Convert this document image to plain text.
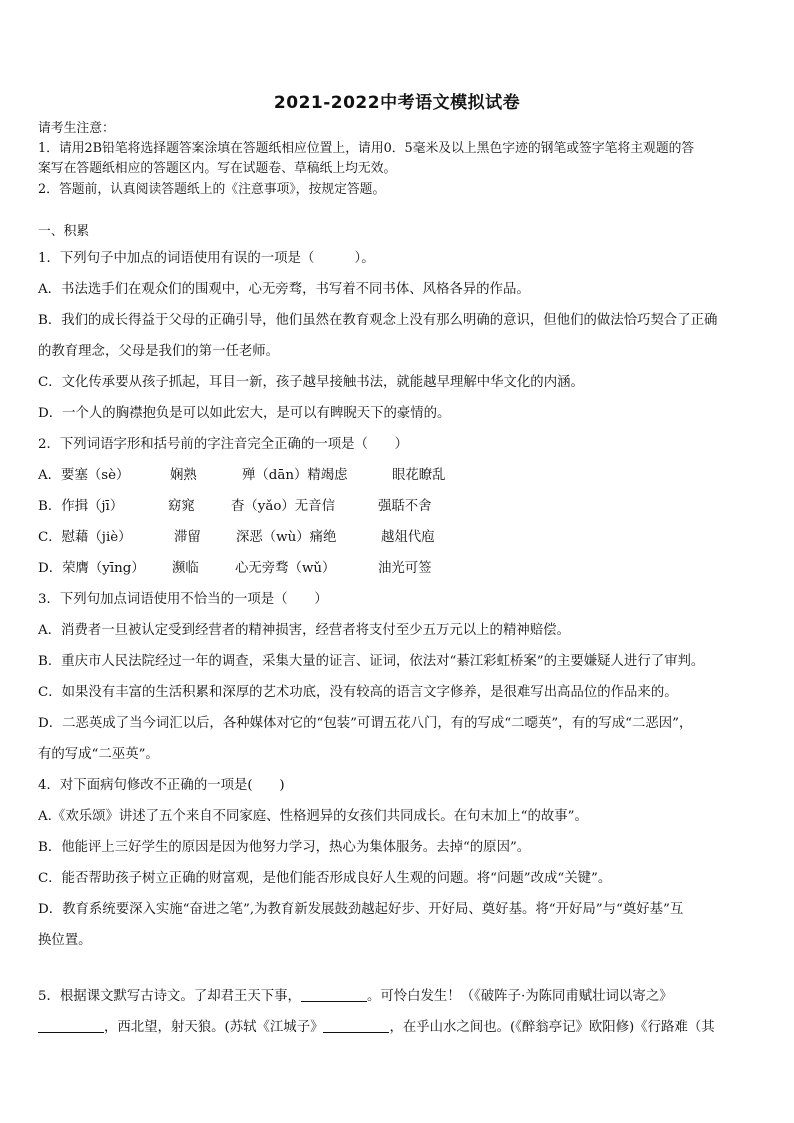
2021-2022中考语文模拟试卷
请考生注意：
1．请用2B铅笔将选择题答案涂填在答题纸相应位置上，请用0．5毫米及以上黑色字迹的钢笔或签字笔将主观题的答
案写在答题纸相应的答题区内。写在试题卷、草稿纸上均无效。
2．答题前，认真阅读答题纸上的《注意事项》，按规定答题。
一、积累
1．下列句子中加点的词语使用有误的一项是（　　　）。
A．书法选手们在观众们的围观中，心无旁骛，书写着不同书体、风格各异的作品。
B．我们的成长得益于父母的正确引导，他们虽然在教育观念上没有那么明确的意识，但他们的做法恰巧契合了正确
的教育理念，父母是我们的第一任老师。
C．文化传承要从孩子抓起，耳目一新，孩子越早接触书法，就能越早理解中华文化的内涵。
D．一个人的胸襟抱负是可以如此宏大，是可以有睥睨天下的豪情的。
2．下列词语字形和括号前的字注音完全正确的一项是（　　）
A．要塞（sè）	娴熟	殚（dān）精竭虑	眼花瞭乱
B．作揖（jī）	窈窕	杳（yǎo）无音信	强聒不舍
C．慰藉（jiè）	滞留	深恶（wù）痛绝	越俎代庖
D．荣膺（yīng） 濒临	心无旁骛（wǔ）	油光可签
3．下列句加点词语使用不恰当的一项是（　　）
A．消费者一旦被认定受到经营者的精神损害，经营者将支付至少五万元以上的精神赔偿。
B．重庆市人民法院经过一年的调查，采集大量的证言、证词，依法对“綦江彩虹桥案”的主要嫌疑人进行了审判。
C．如果没有丰富的生活积累和深厚的艺术功底，没有较高的语言文字修养，是很难写出高品位的作品来的。
D．二恶英成了当今词汇以后，各种媒体对它的“包装”可谓五花八门，有的写成“二噁英”，有的写成“二恶因”，
有的写成“二巫英”。
4．对下面病句修改不正确的一项是(　　)
A.《欢乐颂》讲述了五个来自不同家庭、性格迥异的女孩们共同成长。在句末加上“的故事”。
B．他能评上三好学生的原因是因为他努力学习，热心为集体服务。去掉“的原因”。
C．能否帮助孩子树立正确的财富观，是他们能否形成良好人生观的问题。将“问题”改成“关键”。
D．教育系统要深入实施“奋进之笔”,为教育新发展鼓劲越起好步、开好局、奠好基。将“开好局”与“奠好基”互
换位置。
5．根据课文默写古诗文。了却君王天下事，	。可怜白发生！（《破阵子·为陈同甫赋壮词以寄之》
，西北望，射天狼。(苏轼《江城子》	，在乎山水之间也。(《醉翁亭记》欧阳修)《行路难（其
